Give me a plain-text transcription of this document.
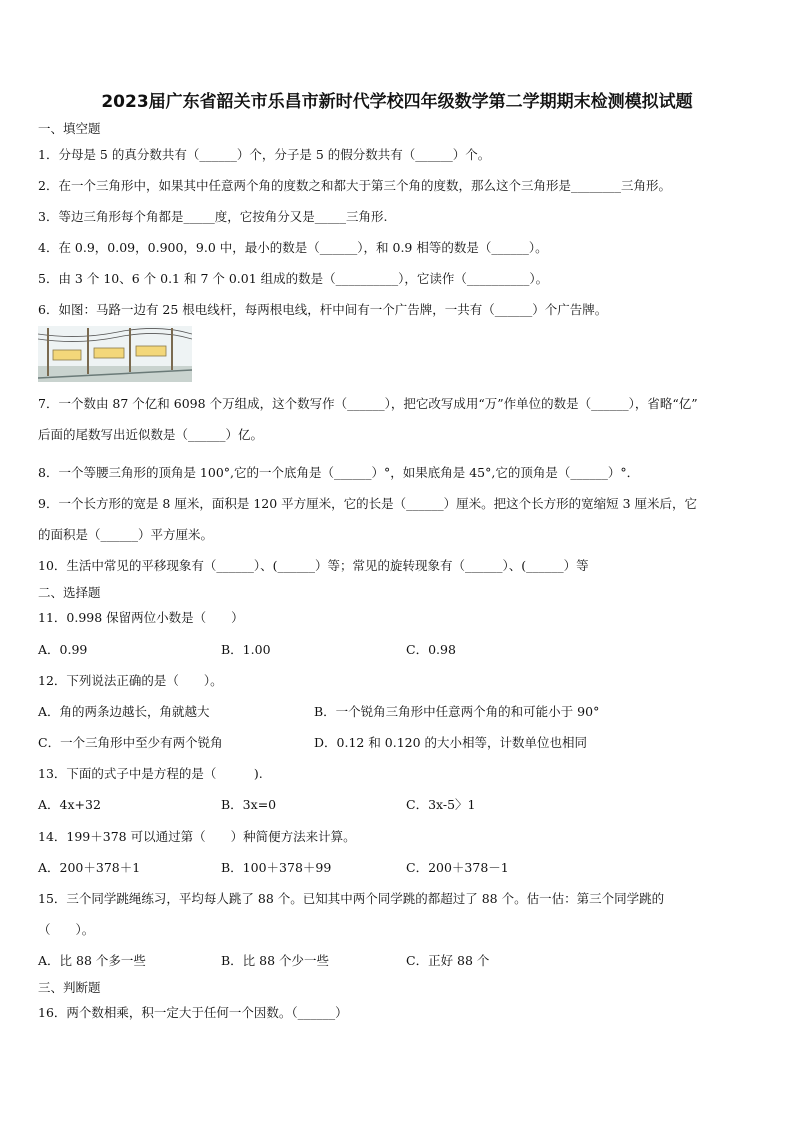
2023届广东省韶关市乐昌市新时代学校四年级数学第二学期期末检测模拟试题
一、填空题
1．分母是 5 的真分数共有（______）个，分子是 5 的假分数共有（______）个。
2．在一个三角形中，如果其中任意两个角的度数之和都大于第三个角的度数，那么这个三角形是________三角形。
3．等边三角形每个角都是_____度，它按角分又是_____三角形.
4．在 0.9，0.09，0.900，9.0 中，最小的数是（______），和 0.9 相等的数是（______）。
5．由 3 个 10、6 个 0.1 和 7 个 0.01 组成的数是（__________），它读作（__________）。
6．如图：马路一边有 25 根电线杆，每两根电线，杆中间有一个广告牌，一共有（______）个广告牌。
7．一个数由 87 个亿和 6098 个万组成，这个数写作（______），把它改写成用“万”作单位的数是（______），省略“亿”
后面的尾数写出近似数是（______）亿。
8．一个等腰三角形的顶角是 100°,它的一个底角是（______）°，如果底角是 45°,它的顶角是（______）°．
9．一个长方形的宽是 8 厘米，面积是 120 平方厘米，它的长是（______）厘米。把这个长方形的宽缩短 3 厘米后，它
的面积是（______）平方厘米。
10．生活中常见的平移现象有（______）、(______）等；常见的旋转现象有（______）、(______）等
二、选择题
11．0.998 保留两位小数是（　　）
A．0.99	B．1.00	C．0.98
12．下列说法正确的是（　　）。
A．角的两条边越长，角就越大	B．一个锐角三角形中任意两个角的和可能小于 90°
C．一个三角形中至少有两个锐角	D．0.12 和 0.120 的大小相等，计数单位也相同
13．下面的式子中是方程的是（　　　).
A．4x+32	B．3x=0	C．3x-5〉1
14．199＋378 可以通过第（　　）种简便方法来计算。
A．200＋378＋1	B．100＋378＋99	C．200＋378－1
15．三个同学跳绳练习，平均每人跳了 88 个。已知其中两个同学跳的都超过了 88 个。估一估：第三个同学跳的
（　　）。
A．比 88 个多一些	B．比 88 个少一些	C．正好 88 个
三、判断题
16．两个数相乘，积一定大于任何一个因数。（______）
